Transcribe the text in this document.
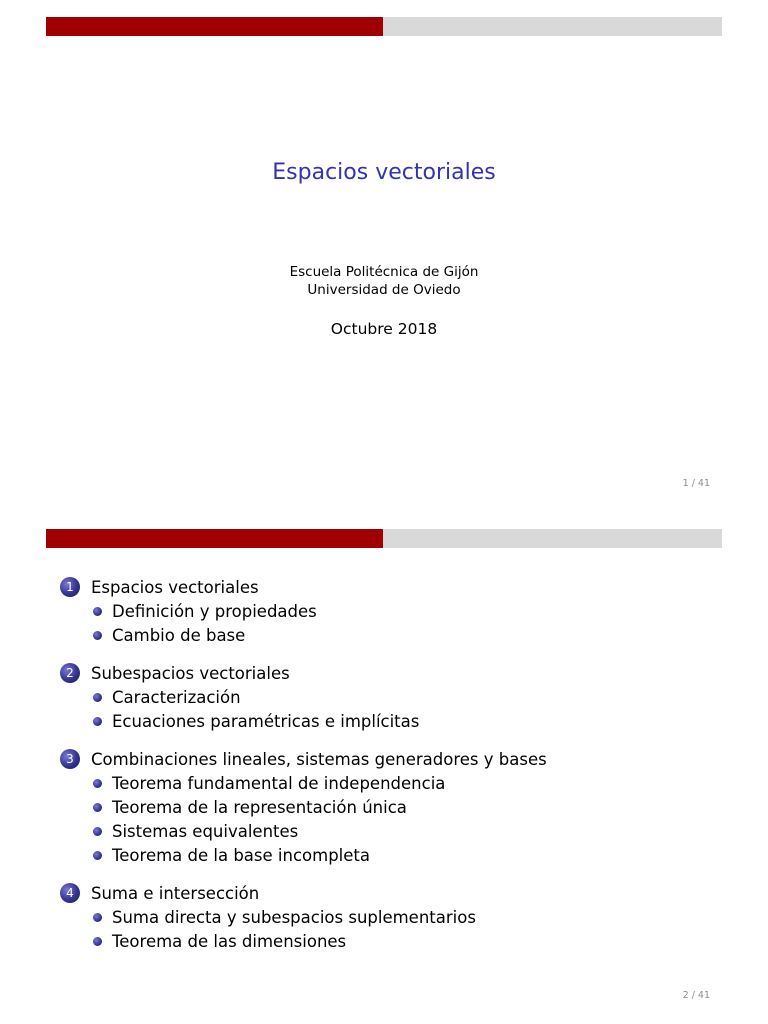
Espacios vectoriales
Escuela Politécnica de Gijón
Universidad de Oviedo
Octubre 2018
1 / 41
1	Espacios vectoriales
Definición y propiedades
Cambio de base
2	Subespacios vectoriales
Caracterización
Ecuaciones paramétricas e implícitas
3	Combinaciones lineales, sistemas generadores y bases
Teorema fundamental de independencia
Teorema de la representación única
Sistemas equivalentes
Teorema de la base incompleta
4	Suma e intersección
Suma directa y subespacios suplementarios
Teorema de las dimensiones
2 / 41
